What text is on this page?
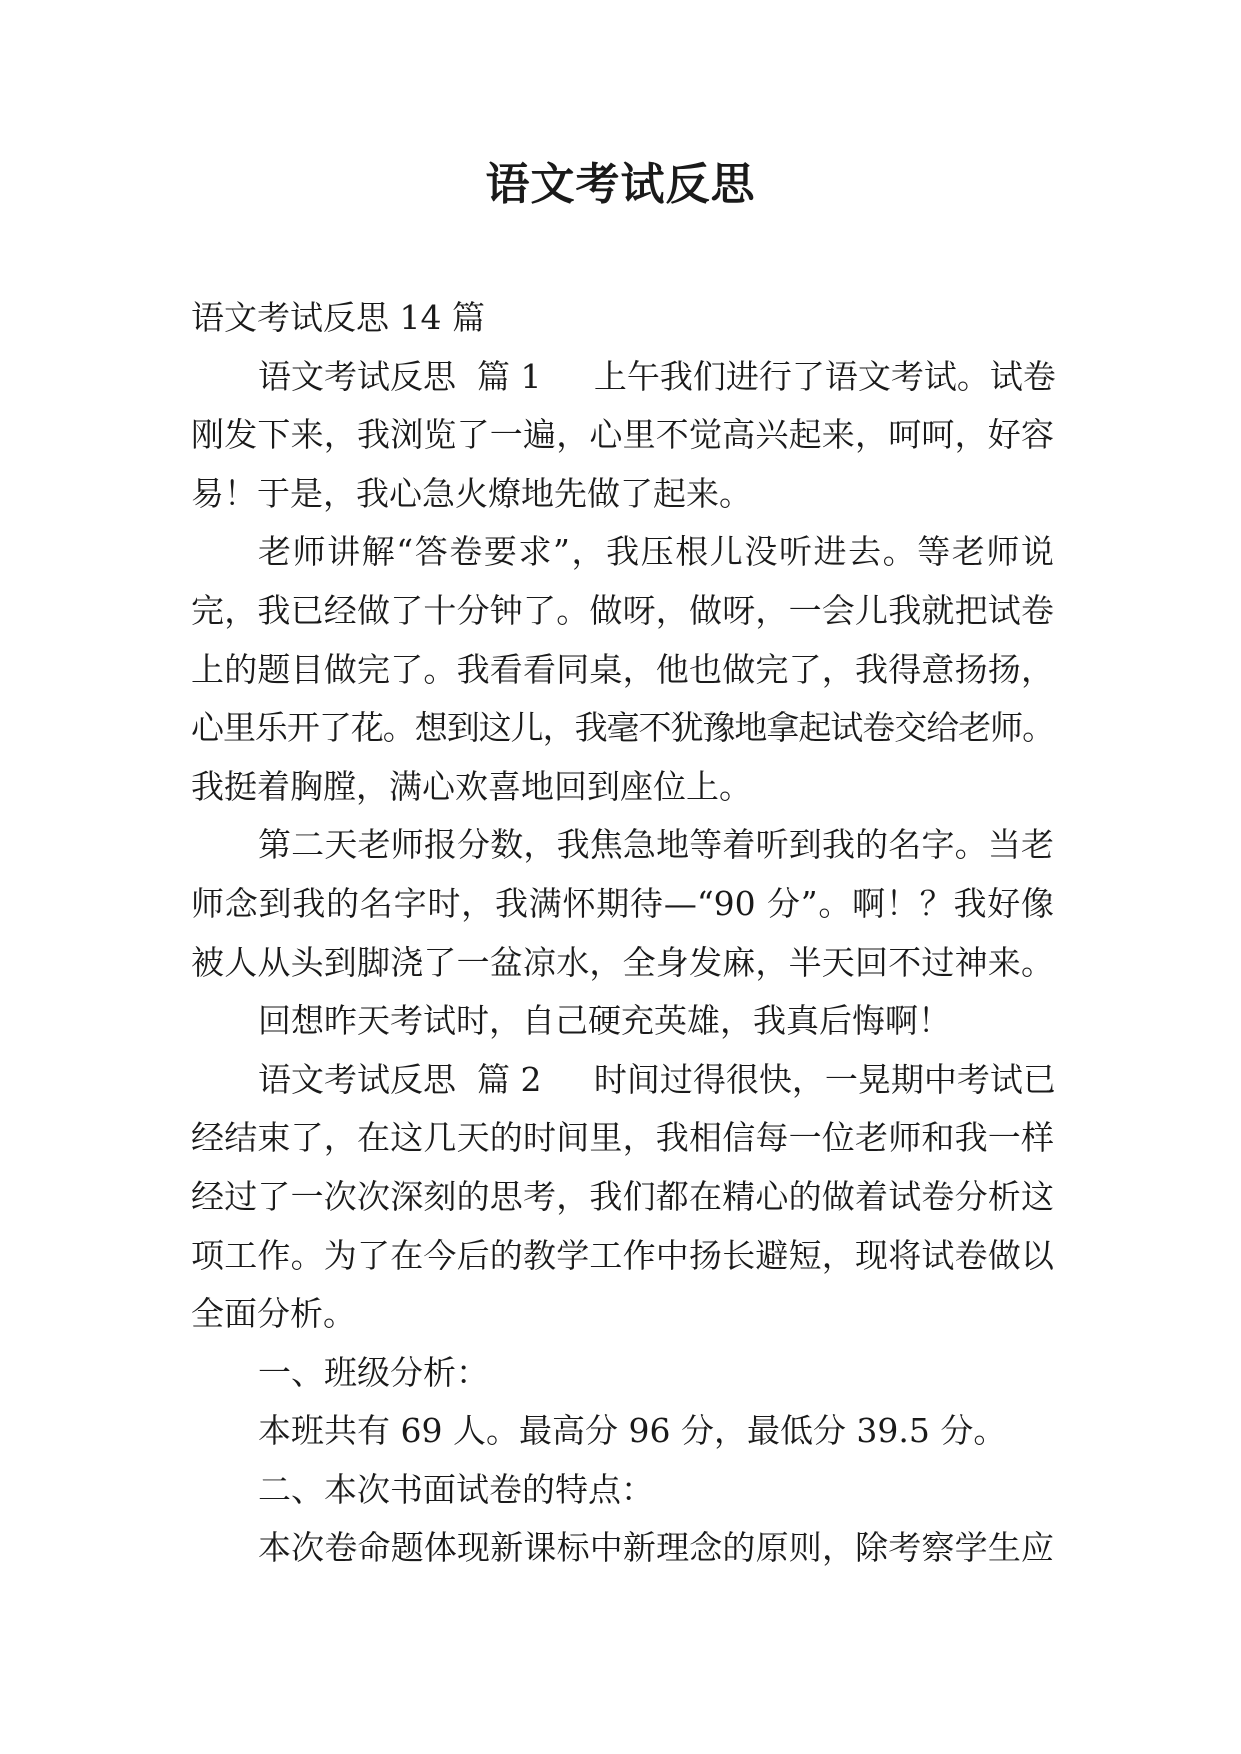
语文考试反思
语文考试反思 14 篇
语文考试反思  篇 1     上午我们进行了语文考试。试卷
刚发下来，我浏览了一遍，心里不觉高兴起来，呵呵，好容
易！于是，我心急火燎地先做了起来。
老师讲解“答卷要求”，我压根儿没听进去。等老师说
完，我已经做了十分钟了。做呀，做呀，一会儿我就把试卷
上的题目做完了。我看看同桌，他也做完了，我得意扬扬，
心里乐开了花。想到这儿，我毫不犹豫地拿起试卷交给老师。
我挺着胸膛，满心欢喜地回到座位上。
第二天老师报分数，我焦急地等着听到我的名字。当老
师念到我的名字时，我满怀期待—“90 分”。啊！？我好像
被人从头到脚浇了一盆凉水，全身发麻，半天回不过神来。
回想昨天考试时，自己硬充英雄，我真后悔啊！
语文考试反思  篇 2     时间过得很快，一晃期中考试已
经结束了，在这几天的时间里，我相信每一位老师和我一样
经过了一次次深刻的思考，我们都在精心的做着试卷分析这
项工作。为了在今后的教学工作中扬长避短，现将试卷做以
全面分析。
一、班级分析：
本班共有 69 人。最高分 96 分，最低分 39.5 分。
二、本次书面试卷的特点：
本次卷命题体现新课标中新理念的原则，除考察学生应
